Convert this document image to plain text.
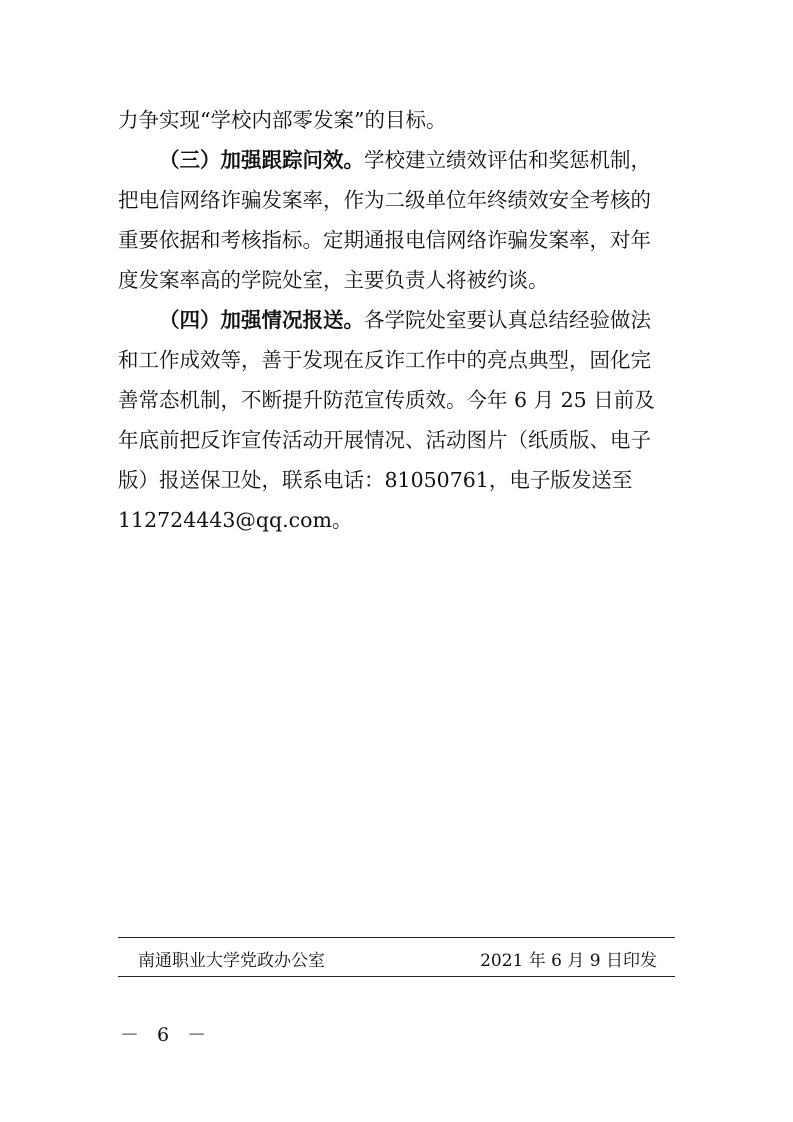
力争实现“学校内部零发案”的目标。
（三）加强跟踪问效。学校建立绩效评估和奖惩机制，
把电信网络诈骗发案率，作为二级单位年终绩效安全考核的
重要依据和考核指标。定期通报电信网络诈骗发案率，对年
度发案率高的学院处室，主要负责人将被约谈。
（四）加强情况报送。各学院处室要认真总结经验做法
和工作成效等，善于发现在反诈工作中的亮点典型，固化完
善常态机制，不断提升防范宣传质效。今年 6 月 25 日前及
年底前把反诈宣传活动开展情况、活动图片（纸质版、电子
版）报送保卫处，联系电话：81050761，电子版发送至
112724443@qq.com。
南通职业大学党政办公室	2021 年 6 月 9 日印发
－ 6 －
